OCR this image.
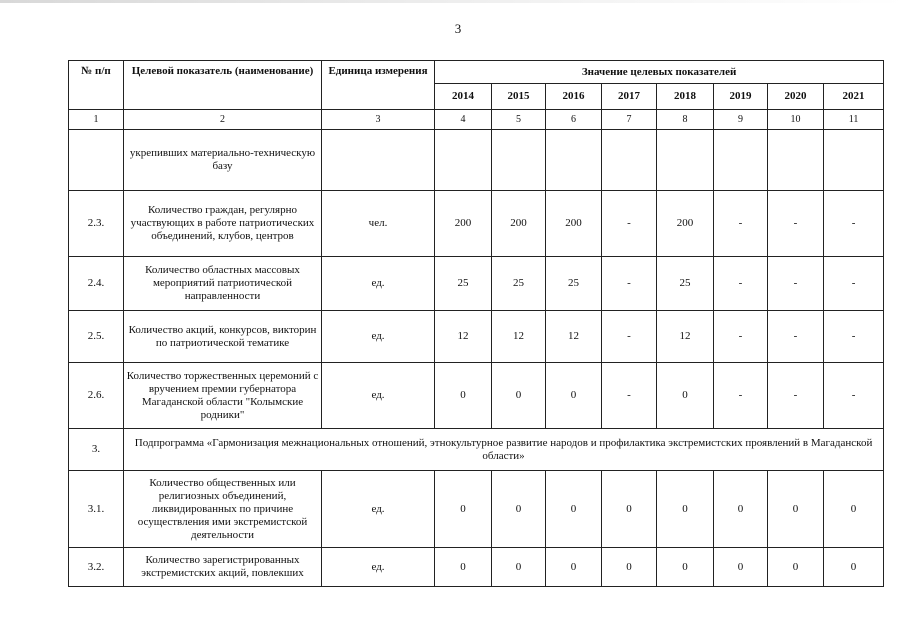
3
№ п/п	Целевой показатель (наименование)	Единица измерения	Значение целевых показателей							
			2014	2015	2016	2017	2018	2019	2020	2021
1	2	3	4	5	6	7	8	9	10	11
	укрепивших материально-техническую базу									
2.3.	Количество граждан, регулярно участвующих в работе патриотических объединений, клубов, центров	чел.	200	200	200	-	200	-	-	-
2.4.	Количество областных массовых мероприятий патриотической направленности	ед.	25	25	25	-	25	-	-	-
2.5.	Количество акций, конкурсов, викторин по патриотической тематике	ед.	12	12	12	-	12	-	-	-
2.6.	Количество торжественных церемоний с вручением премии губернатора Магаданской области "Колымские родники"	ед.	0	0	0	-	0	-	-	-
3.	Подпрограмма «Гармонизация межнациональных отношений, этнокультурное развитие народов и профилактика экстремистских проявлений в Магаданской области»									
3.1.	Количество общественных или религиозных объединений, ликвидированных по причине осуществления ими экстремистской деятельности	ед.	0	0	0	0	0	0	0	0
3.2.	Количество зарегистрированных экстремистских акций, повлекших	ед.	0	0	0	0	0	0	0	0
